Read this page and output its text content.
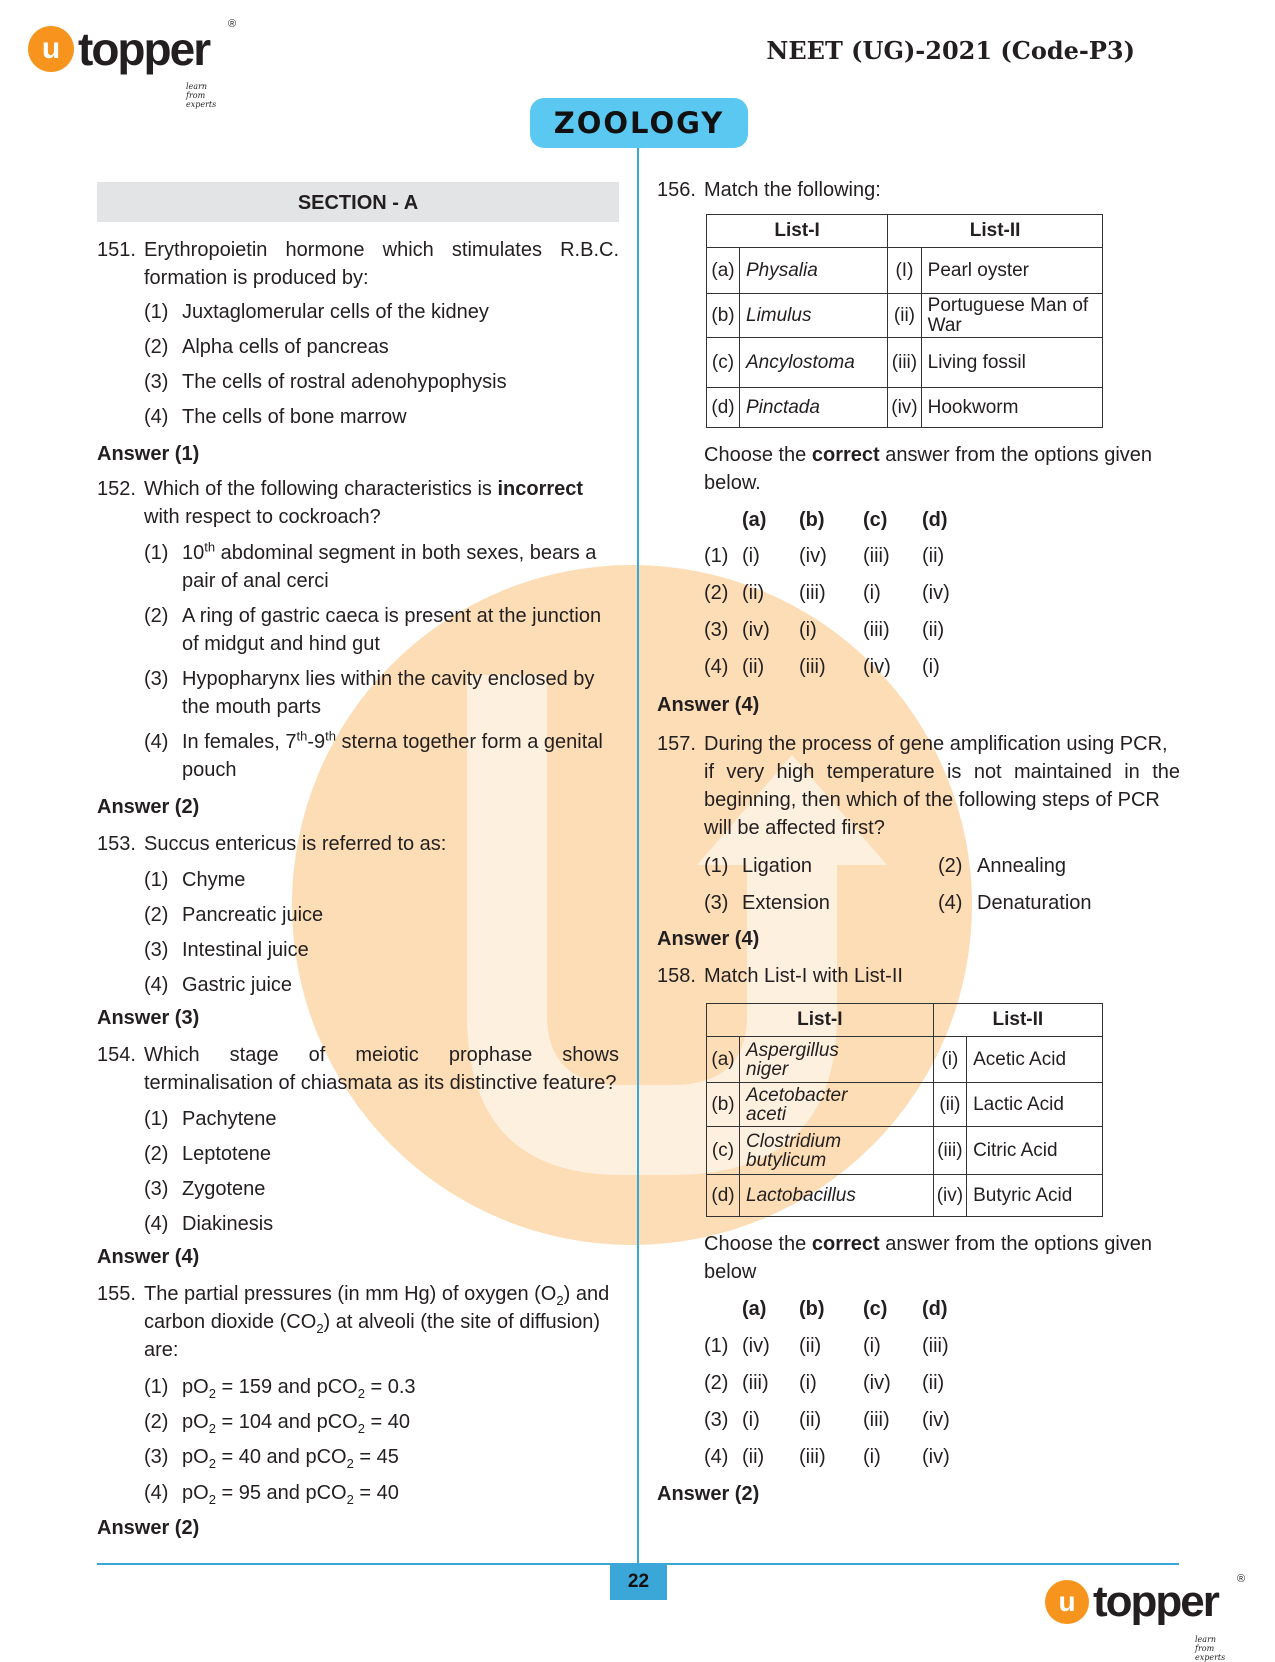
u topper ®
learn from experts
NEET (UG)-2021 (Code-P3)
ZOOLOGY
SECTION - A
151. Erythropoietin hormone which stimulates R.B.C.
formation is produced by:
(1) Juxtaglomerular cells of the kidney
(2) Alpha cells of pancreas
(3) The cells of rostral adenohypophysis
(4) The cells of bone marrow
Answer (1)
152. Which of the following characteristics is incorrect
with respect to cockroach?
(1) 10th abdominal segment in both sexes, bears a
pair of anal cerci
(2) A ring of gastric caeca is present at the junction
of midgut and hind gut
(3) Hypopharynx lies within the cavity enclosed by
the mouth parts
(4) In females, 7th-9th sterna together form a genital
pouch
Answer (2)
153. Succus entericus is referred to as:
(1) Chyme
(2) Pancreatic juice
(3) Intestinal juice
(4) Gastric juice
Answer (3)
154. Which stage of meiotic prophase shows
terminalisation of chiasmata as its distinctive feature?
(1) Pachytene
(2) Leptotene
(3) Zygotene
(4) Diakinesis
Answer (4)
155. The partial pressures (in mm Hg) of oxygen $(O_2)$ and
carbon dioxide $(CO_2)$ at alveoli (the site of diffusion)
are:
(1) $pO_2 = 159$ and pCO$_2$ = 0.3
(2) $pO_2 = 104$ and pCO$_2$ = 40
(3) $pO_2 = 40$ and pCO$_2$ = 45
(4) $pO_2 = 95$ and pCO$_2$ = 40
Answer (2)
156. Match the following:
List-I		List-II	
(a)	Physalia	(I)	Pearl oyster
(b)	Limulus	(ii)	Portuguese Man of War
(c)	Ancylostoma	(iii)	Living fossil
(d)	Pinctada	(iv)	Hookworm
Choose the correct answer from the options given
below.
(a) (b) (c) (d)
(1) (i) (iv) (iii) (ii)
(2) (ii) (iii) (i) (iv)
(3) (iv) (i) (iii) (ii)
(4) (ii) (iii) (iv) (i)
Answer (4)
157. During the process of gene amplification using PCR,
if very high temperature is not maintained in the
beginning, then which of the following steps of PCR
will be affected first?
(1) Ligation	(2) Annealing
(3) Extension	(4) Denaturation
Answer (4)
158. Match List-I with List-II
List-I		List-II	
(a)	Aspergillus
niger	(i)	Acetic Acid
(b)	Acetobacter
aceti	(ii)	Lactic Acid
(c)	Clostridium
butylicum	(iii)	Citric Acid
(d)	Lactobacillus	(iv)	Butyric Acid
Choose the correct answer from the options given
below
(a) (b) (c) (d)
(1) (iv) (ii) (i) (iii)
(2) (iii) (i) (iv) (ii)
(3) (i) (ii) (iii) (iv)
(4) (ii) (iii) (i) (iv)
Answer (2)
22
u topper ®
learn from experts
